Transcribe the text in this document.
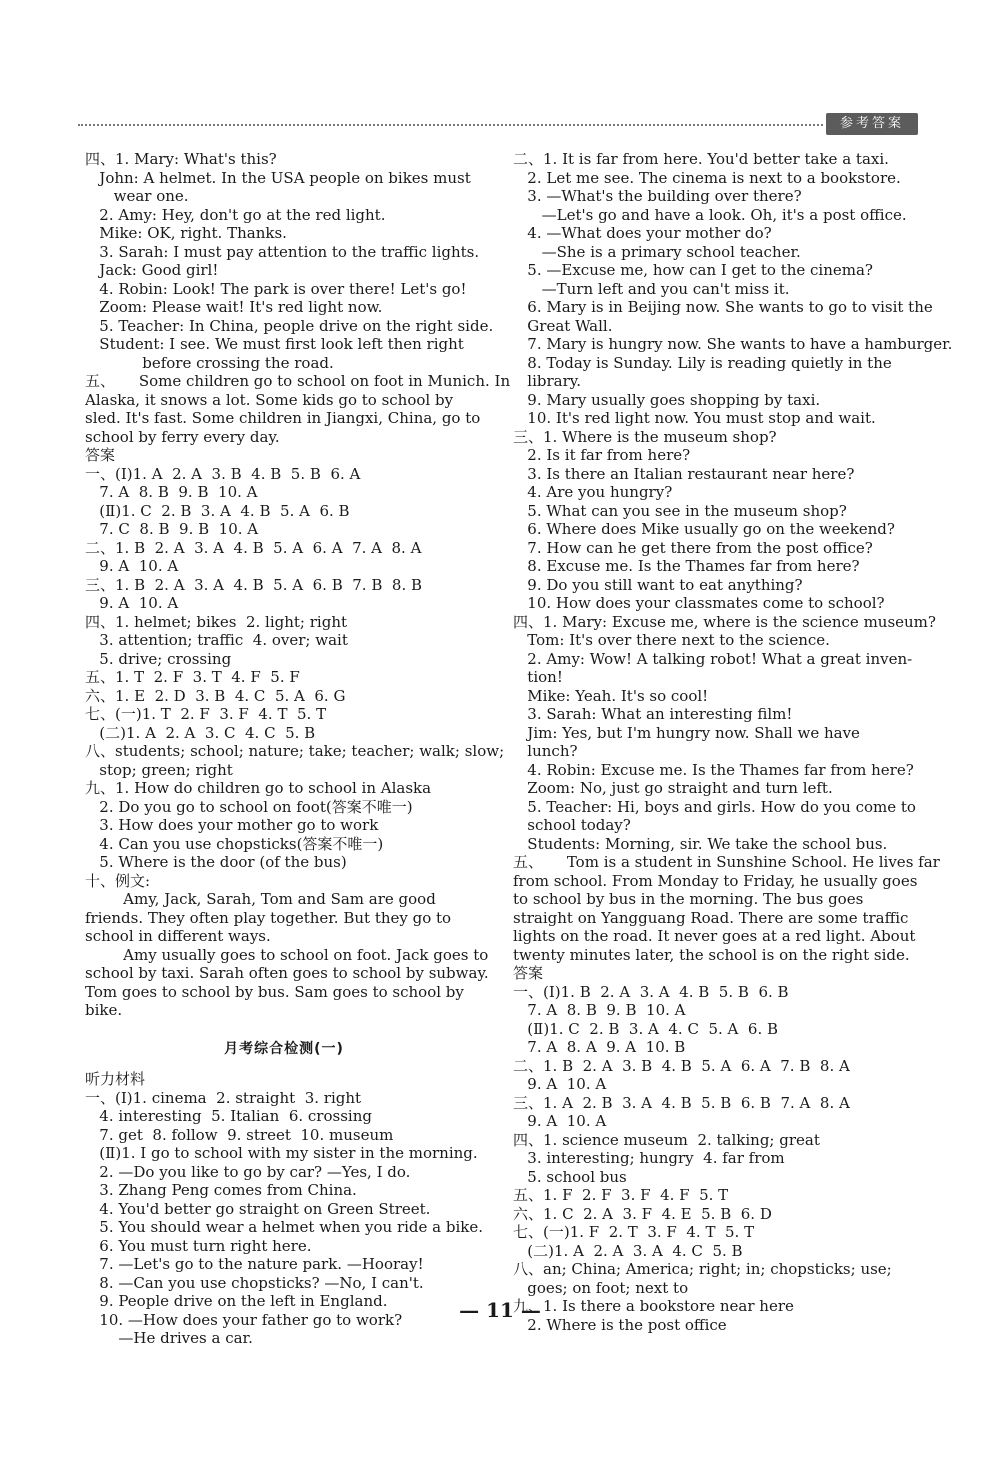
参考答案
四、1. Mary: What's this?
John: A helmet. In the USA people on bikes must
wear one.
2. Amy: Hey, don't go at the red light.
Mike: OK, right. Thanks.
3. Sarah: I must pay attention to the traffic lights.
Jack: Good girl!
4. Robin: Look! The park is over there! Let's go!
Zoom: Please wait! It's red light now.
5. Teacher: In China, people drive on the right side.
Student: I see. We must first look left then right
before crossing the road.
五、     Some children go to school on foot in Munich. In
Alaska, it snows a lot. Some kids go to school by
sled. It's fast. Some children in Jiangxi, China, go to
school by ferry every day.
答案
一、(Ⅰ)1. A  2. A  3. B  4. B  5. B  6. A
7. A  8. B  9. B  10. A
(Ⅱ)1. C  2. B  3. A  4. B  5. A  6. B
7. C  8. B  9. B  10. A
二、1. B  2. A  3. A  4. B  5. A  6. A  7. A  8. A
9. A  10. A
三、1. B  2. A  3. A  4. B  5. A  6. B  7. B  8. B
9. A  10. A
四、1. helmet; bikes  2. light; right
3. attention; traffic  4. over; wait
5. drive; crossing
五、1. T  2. F  3. T  4. F  5. F
六、1. E  2. D  3. B  4. C  5. A  6. G
七、(一)1. T  2. F  3. F  4. T  5. T
(二)1. A  2. A  3. C  4. C  5. B
八、students; school; nature; take; teacher; walk; slow;
stop; green; right
九、1. How do children go to school in Alaska
2. Do you go to school on foot(答案不唯一)
3. How does your mother go to work
4. Can you use chopsticks(答案不唯一)
5. Where is the door (of the bus)
十、例文:
Amy, Jack, Sarah, Tom and Sam are good
friends. They often play together. But they go to
school in different ways.
Amy usually goes to school on foot. Jack goes to
school by taxi. Sarah often goes to school by subway.
Tom goes to school by bus. Sam goes to school by
bike.
月考综合检测(一)
听力材料
一、(Ⅰ)1. cinema  2. straight  3. right
4. interesting  5. Italian  6. crossing
7. get  8. follow  9. street  10. museum
(Ⅱ)1. I go to school with my sister in the morning.
2. —Do you like to go by car? —Yes, I do.
3. Zhang Peng comes from China.
4. You'd better go straight on Green Street.
5. You should wear a helmet when you ride a bike.
6. You must turn right here.
7. —Let's go to the nature park. —Hooray!
8. —Can you use chopsticks? —No, I can't.
9. People drive on the left in England.
10. —How does your father go to work?
—He drives a car.
二、1. It is far from here. You'd better take a taxi.
2. Let me see. The cinema is next to a bookstore.
3. —What's the building over there?
—Let's go and have a look. Oh, it's a post office.
4. —What does your mother do?
—She is a primary school teacher.
5. —Excuse me, how can I get to the cinema?
—Turn left and you can't miss it.
6. Mary is in Beijing now. She wants to go to visit the
Great Wall.
7. Mary is hungry now. She wants to have a hamburger.
8. Today is Sunday. Lily is reading quietly in the
library.
9. Mary usually goes shopping by taxi.
10. It's red light now. You must stop and wait.
三、1. Where is the museum shop?
2. Is it far from here?
3. Is there an Italian restaurant near here?
4. Are you hungry?
5. What can you see in the museum shop?
6. Where does Mike usually go on the weekend?
7. How can he get there from the post office?
8. Excuse me. Is the Thames far from here?
9. Do you still want to eat anything?
10. How does your classmates come to school?
四、1. Mary: Excuse me, where is the science museum?
Tom: It's over there next to the science.
2. Amy: Wow! A talking robot! What a great inven-
tion!
Mike: Yeah. It's so cool!
3. Sarah: What an interesting film!
Jim: Yes, but I'm hungry now. Shall we have
lunch?
4. Robin: Excuse me. Is the Thames far from here?
Zoom: No, just go straight and turn left.
5. Teacher: Hi, boys and girls. How do you come to
school today?
Students: Morning, sir. We take the school bus.
五、     Tom is a student in Sunshine School. He lives far
from school. From Monday to Friday, he usually goes
to school by bus in the morning. The bus goes
straight on Yangguang Road. There are some traffic
lights on the road. It never goes at a red light. About
twenty minutes later, the school is on the right side.
答案
一、(Ⅰ)1. B  2. A  3. A  4. B  5. B  6. B
7. A  8. B  9. B  10. A
(Ⅱ)1. C  2. B  3. A  4. C  5. A  6. B
7. A  8. A  9. A  10. B
二、1. B  2. A  3. B  4. B  5. A  6. A  7. B  8. A
9. A  10. A
三、1. A  2. B  3. A  4. B  5. B  6. B  7. A  8. A
9. A  10. A
四、1. science museum  2. talking; great
3. interesting; hungry  4. far from
5. school bus
五、1. F  2. F  3. F  4. F  5. T
六、1. C  2. A  3. F  4. E  5. B  6. D
七、(一)1. F  2. T  3. F  4. T  5. T
(二)1. A  2. A  3. A  4. C  5. B
八、an; China; America; right; in; chopsticks; use;
goes; on foot; next to
九、1. Is there a bookstore near here
2. Where is the post office
— 11 —
